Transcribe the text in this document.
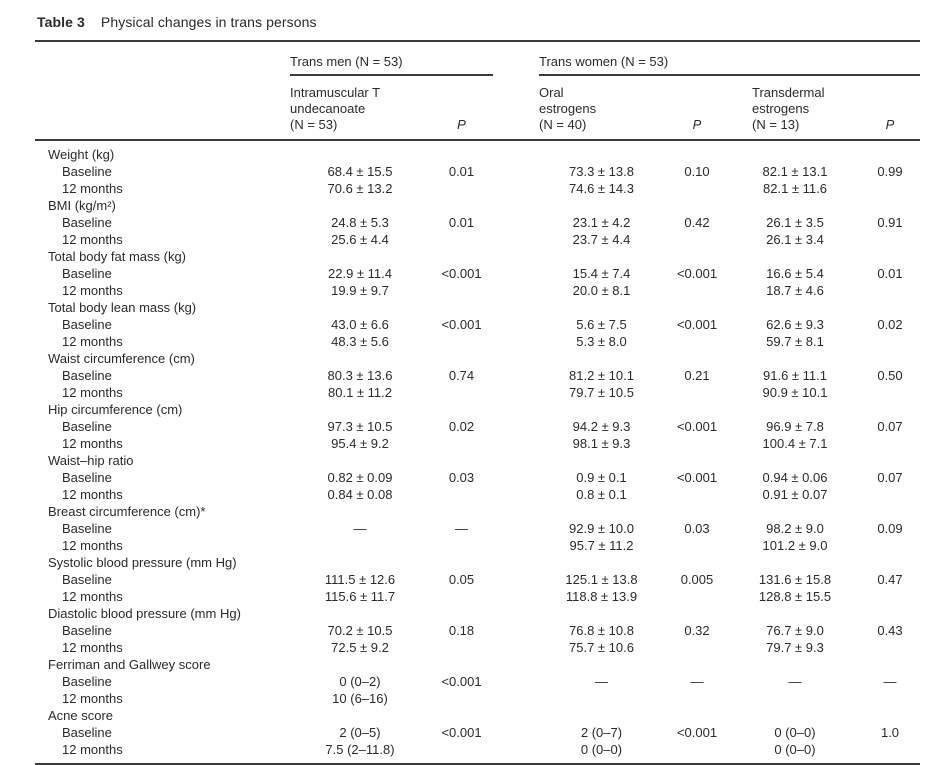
Table 3 Physical changes in trans persons

	Trans men (N = 53)			Trans women (N = 53)			

Intramuscular T
undecanoate
(N = 53)	P

Oral
estrogens
(N = 40)	P

Transdermal
estrogens
(N = 13)	P

Weight (kg)							
Baseline	68.4 ± 15.5	0.01		73.3 ± 13.8	0.10	82.1 ± 13.1	0.99
12 months	70.6 ± 13.2			74.6 ± 14.3		82.1 ± 11.6	
BMI (kg/m²)							
Baseline	24.8 ± 5.3	0.01		23.1 ± 4.2	0.42	26.1 ± 3.5	0.91
12 months	25.6 ± 4.4			23.7 ± 4.4		26.1 ± 3.4	
Total body fat mass (kg)							
Baseline	22.9 ± 11.4	<0.001		15.4 ± 7.4	<0.001	16.6 ± 5.4	0.01
12 months	19.9 ± 9.7			20.0 ± 8.1		18.7 ± 4.6	
Total body lean mass (kg)							
Baseline	43.0 ± 6.6	<0.001		5.6 ± 7.5	<0.001	62.6 ± 9.3	0.02
12 months	48.3 ± 5.6			5.3 ± 8.0		59.7 ± 8.1	
Waist circumference (cm)							
Baseline	80.3 ± 13.6	0.74		81.2 ± 10.1	0.21	91.6 ± 11.1	0.50
12 months	80.1 ± 11.2			79.7 ± 10.5		90.9 ± 10.1	
Hip circumference (cm)							
Baseline	97.3 ± 10.5	0.02		94.2 ± 9.3	<0.001	96.9 ± 7.8	0.07
12 months	95.4 ± 9.2			98.1 ± 9.3		100.4 ± 7.1	
Waist–hip ratio							
Baseline	0.82 ± 0.09	0.03		0.9 ± 0.1	<0.001	0.94 ± 0.06	0.07
12 months	0.84 ± 0.08			0.8 ± 0.1		0.91 ± 0.07	
Breast circumference (cm)*							
Baseline	—	—		92.9 ± 10.0	0.03	98.2 ± 9.0	0.09
12 months				95.7 ± 11.2		101.2 ± 9.0	
Systolic blood pressure (mm Hg)							
Baseline	111.5 ± 12.6	0.05		125.1 ± 13.8	0.005	131.6 ± 15.8	0.47
12 months	115.6 ± 11.7			118.8 ± 13.9		128.8 ± 15.5	
Diastolic blood pressure (mm Hg)							
Baseline	70.2 ± 10.5	0.18		76.8 ± 10.8	0.32	76.7 ± 9.0	0.43
12 months	72.5 ± 9.2			75.7 ± 10.6		79.7 ± 9.3	
Ferriman and Gallwey score							
Baseline	0 (0–2)	<0.001		—	—	—	—
12 months	10 (6–16)						
Acne score							
Baseline	2 (0–5)	<0.001		2 (0–7)	<0.001	0 (0–0)	1.0
12 months	7.5 (2–11.8)			0 (0–0)		0 (0–0)	
